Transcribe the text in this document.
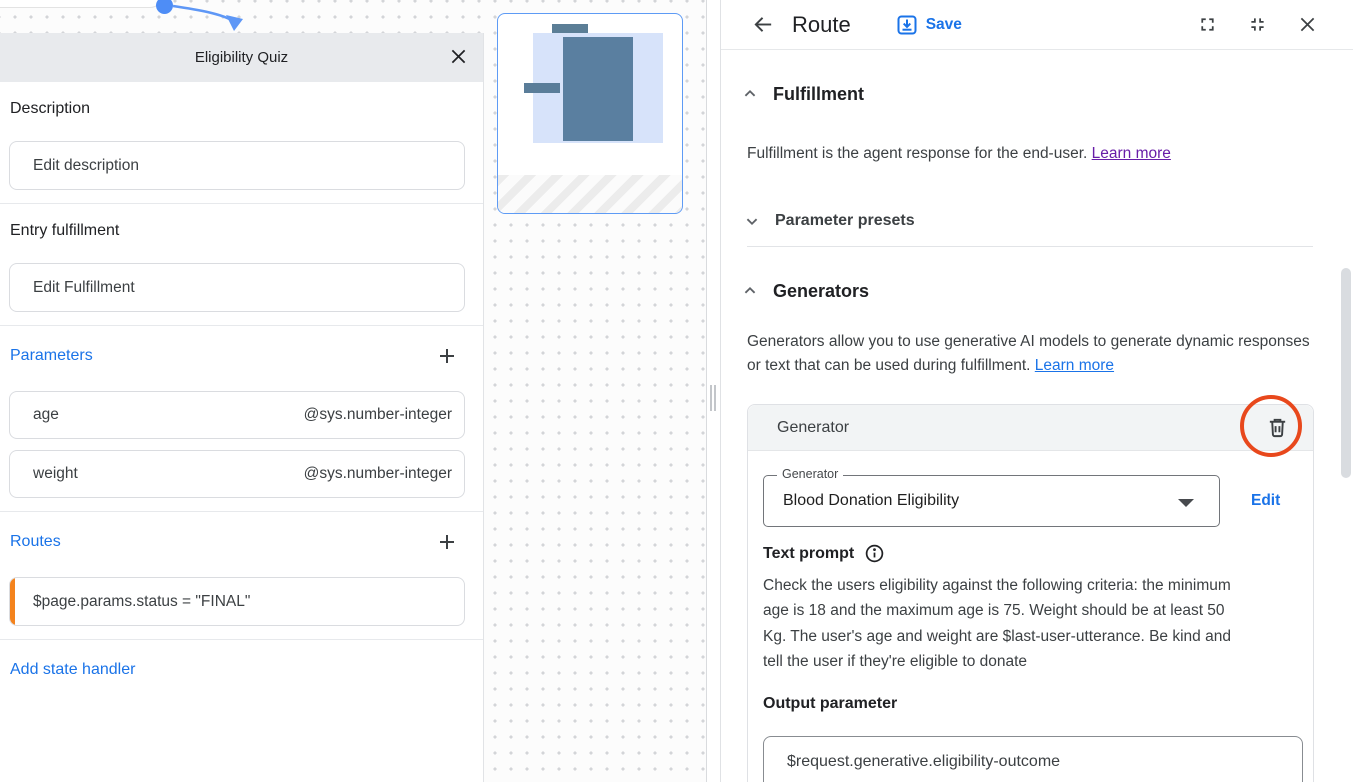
Eligibility Quiz
Description
Edit description
Entry fulfillment
Edit Fulfillment
Parameters
age	@sys.number-integer
weight	@sys.number-integer
Routes
$page.params.status = "FINAL"
Add state handler
Route	Save
Fulfillment

Fulfillment is the agent response for the end-user. Learn more

Parameter presets
Generators

Generators allow you to use generative AI models to generate dynamic responses or text that can be used during fulfillment. Learn more

Generator
Generator
Blood Donation Eligibility	Edit
Text prompt

Check the users eligibility against the following criteria: the minimum age is 18 and the maximum age is 75. Weight should be at least 50 Kg. The user's age and weight are $last-user-utterance. Be kind and tell the user if they're eligible to donate

Output parameter
$request.generative.eligibility-outcome
